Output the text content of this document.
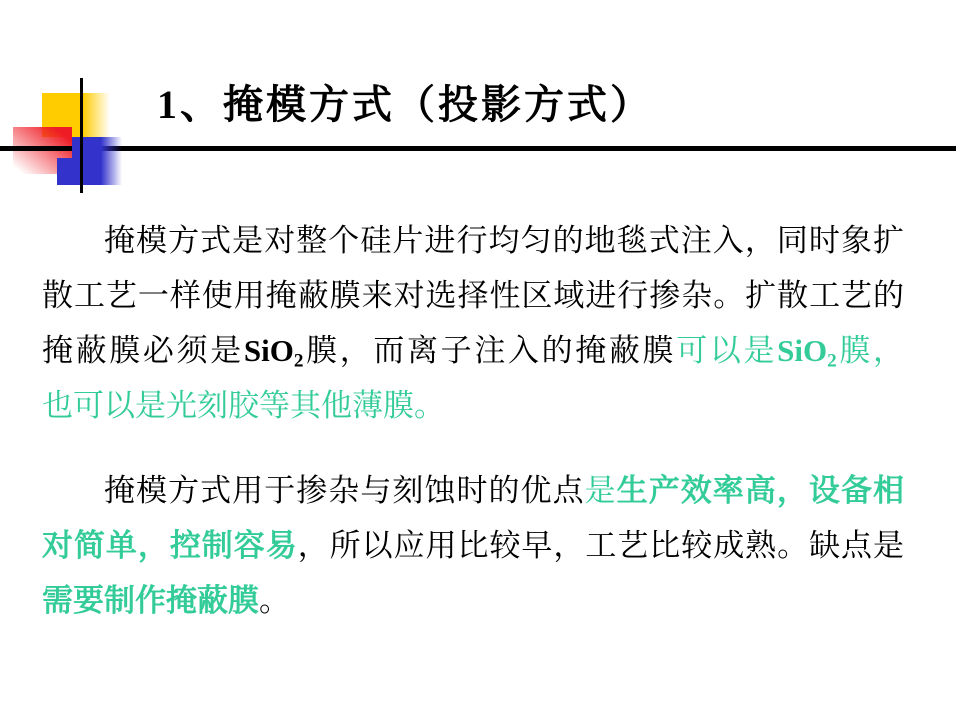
1、掩模方式（投影方式）
掩模方式是对整个硅片进行均匀的地毯式注入，同时象扩
散工艺一样使用掩蔽膜来对选择性区域进行掺杂。扩散工艺的
掩蔽膜必须是SiO$_2$膜，而离子注入的掩蔽膜可以是SiO$_2$膜，
也可以是光刻胶等其他薄膜。
掩模方式用于掺杂与刻蚀时的优点是生产效率高，设备相
对简单，控制容易，所以应用比较早，工艺比较成熟。缺点是
需要制作掩蔽膜。
